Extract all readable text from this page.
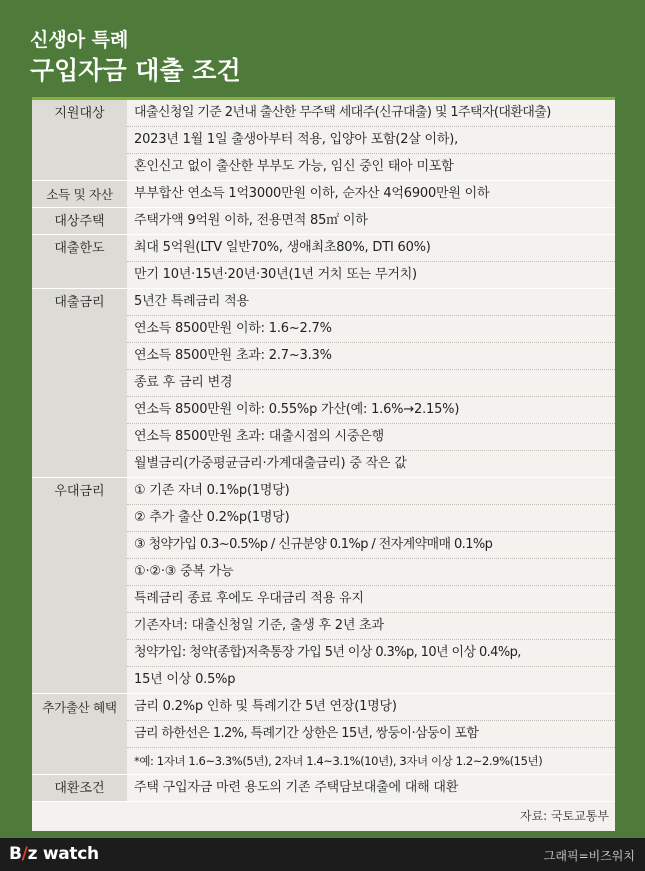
신생아 특례
구입자금 대출 조건
지원대상	대출신청일 기준 2년내 출산한 무주택 세대주(신규대출) 및 1주택자(대환대출)
2023년 1월 1일 출생아부터 적용, 입양아 포함(2살 이하),
혼인신고 없이 출산한 부부도 가능, 임신 중인 태아 미포함
소득 및 자산	부부합산 연소득 1억3000만원 이하, 순자산 4억6900만원 이하
대상주택	주택가액 9억원 이하, 전용면적 85㎡ 이하
대출한도	최대 5억원(LTV 일반70%, 생애최초80%, DTI 60%)
만기 10년·15년·20년·30년(1년 거치 또는 무거치)
대출금리	5년간 특례금리 적용
연소득 8500만원 이하: 1.6~2.7%
연소득 8500만원 초과: 2.7~3.3%
종료 후 금리 변경
연소득 8500만원 이하: 0.55%p 가산(예: 1.6%→2.15%)
연소득 8500만원 초과: 대출시점의 시중은행
월별금리(가중평균금리·가계대출금리) 중 작은 값
우대금리	① 기존 자녀 0.1%p(1명당)
② 추가 출산 0.2%p(1명당)
③ 청약가입 0.3~0.5%p / 신규분양 0.1%p / 전자계약매매 0.1%p
①·②·③ 중복 가능
특례금리 종료 후에도 우대금리 적용 유지
기존자녀: 대출신청일 기준, 출생 후 2년 초과
청약가입: 청약(종합)저축통장 가입 5년 이상 0.3%p, 10년 이상 0.4%p,
15년 이상 0.5%p
추가출산 혜택	금리 0.2%p 인하 및 특례기간 5년 연장(1명당)
금리 하한선은 1.2%, 특례기간 상한은 15년, 쌍둥이·삼둥이 포함
*예: 1자녀 1.6~3.3%(5년), 2자녀 1.4~3.1%(10년), 3자녀 이상 1.2~2.9%(15년)
대환조건	주택 구입자금 마련 용도의 기존 주택담보대출에 대해 대환
자료: 국토교통부
B/z watch	그래픽=비즈워치
